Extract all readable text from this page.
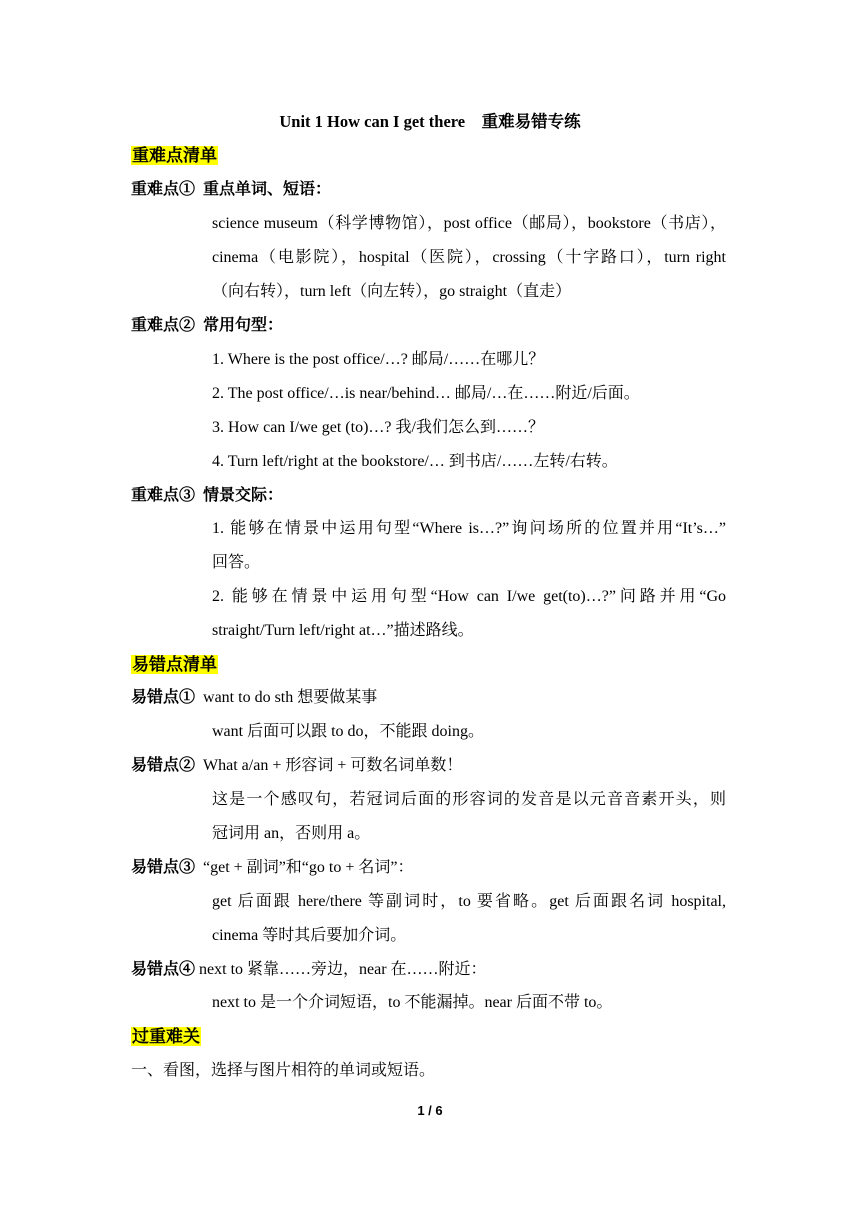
Unit 1 How can I get there　重难易错专练
重难点清单
重难点① 重点单词、短语：
science museum（科学博物馆），post office（邮局），bookstore（书店），
cinema（电影院），hospital（医院），crossing（十字路口），turn right
（向右转），turn left（向左转），go straight（直走）
重难点② 常用句型：
1. Where is the post office/…? 邮局/……在哪儿？
2. The post office/…is near/behind… 邮局/…在……附近/后面。
3. How can I/we get (to)…? 我/我们怎么到……？
4. Turn left/right at the bookstore/… 到书店/……左转/右转。
重难点③ 情景交际：
1. 能够在情景中运用句型“Where is…?”询问场所的位置并用“It’s…”
回答。
2. 能够在情景中运用句型“How can I/we get(to)…?”问路并用“Go
straight/Turn left/right at…”描述路线。
易错点清单
易错点① want to do sth 想要做某事
want 后面可以跟 to do，不能跟 doing。
易错点② What a/an + 形容词 + 可数名词单数！
这是一个感叹句，若冠词后面的形容词的发音是以元音音素开头，则
冠词用 an，否则用 a。
易错点③ “get + 副词”和“go to + 名词”：
get 后面跟 here/there 等副词时，to 要省略。get 后面跟名词 hospital,
cinema 等时其后要加介词。
易错点④ next to 紧靠……旁边，near 在……附近：
next to 是一个介词短语，to 不能漏掉。near 后面不带 to。
过重难关
一、看图，选择与图片相符的单词或短语。
1 / 6
